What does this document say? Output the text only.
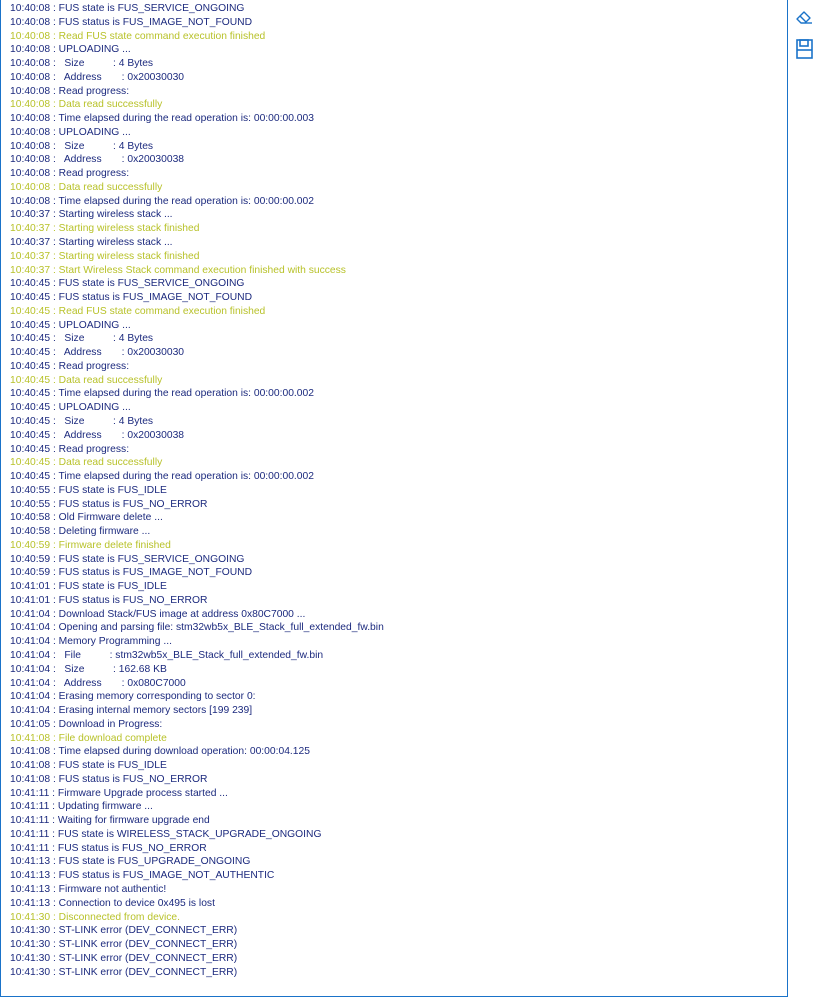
10:40:08 : FUS state is FUS_SERVICE_ONGOING
10:40:08 : FUS status is FUS_IMAGE_NOT_FOUND
10:40:08 : Read FUS state command execution finished
10:40:08 : UPLOADING ...
10:40:08 :   Size          : 4 Bytes
10:40:08 :   Address       : 0x20030030
10:40:08 : Read progress:
10:40:08 : Data read successfully
10:40:08 : Time elapsed during the read operation is: 00:00:00.003
10:40:08 : UPLOADING ...
10:40:08 :   Size          : 4 Bytes
10:40:08 :   Address       : 0x20030038
10:40:08 : Read progress:
10:40:08 : Data read successfully
10:40:08 : Time elapsed during the read operation is: 00:00:00.002
10:40:37 : Starting wireless stack ...
10:40:37 : Starting wireless stack finished
10:40:37 : Starting wireless stack ...
10:40:37 : Starting wireless stack finished
10:40:37 : Start Wireless Stack command execution finished with success
10:40:45 : FUS state is FUS_SERVICE_ONGOING
10:40:45 : FUS status is FUS_IMAGE_NOT_FOUND
10:40:45 : Read FUS state command execution finished
10:40:45 : UPLOADING ...
10:40:45 :   Size          : 4 Bytes
10:40:45 :   Address       : 0x20030030
10:40:45 : Read progress:
10:40:45 : Data read successfully
10:40:45 : Time elapsed during the read operation is: 00:00:00.002
10:40:45 : UPLOADING ...
10:40:45 :   Size          : 4 Bytes
10:40:45 :   Address       : 0x20030038
10:40:45 : Read progress:
10:40:45 : Data read successfully
10:40:45 : Time elapsed during the read operation is: 00:00:00.002
10:40:55 : FUS state is FUS_IDLE
10:40:55 : FUS status is FUS_NO_ERROR
10:40:58 : Old Firmware delete ...
10:40:58 : Deleting firmware ...
10:40:59 : Firmware delete finished
10:40:59 : FUS state is FUS_SERVICE_ONGOING
10:40:59 : FUS status is FUS_IMAGE_NOT_FOUND
10:41:01 : FUS state is FUS_IDLE
10:41:01 : FUS status is FUS_NO_ERROR
10:41:04 : Download Stack/FUS image at address 0x80C7000 ...
10:41:04 : Opening and parsing file: stm32wb5x_BLE_Stack_full_extended_fw.bin
10:41:04 : Memory Programming ...
10:41:04 :   File          : stm32wb5x_BLE_Stack_full_extended_fw.bin
10:41:04 :   Size          : 162.68 KB
10:41:04 :   Address       : 0x080C7000
10:41:04 : Erasing memory corresponding to sector 0:
10:41:04 : Erasing internal memory sectors [199 239]
10:41:05 : Download in Progress:
10:41:08 : File download complete
10:41:08 : Time elapsed during download operation: 00:00:04.125
10:41:08 : FUS state is FUS_IDLE
10:41:08 : FUS status is FUS_NO_ERROR
10:41:11 : Firmware Upgrade process started ...
10:41:11 : Updating firmware ...
10:41:11 : Waiting for firmware upgrade end
10:41:11 : FUS state is WIRELESS_STACK_UPGRADE_ONGOING
10:41:11 : FUS status is FUS_NO_ERROR
10:41:13 : FUS state is FUS_UPGRADE_ONGOING
10:41:13 : FUS status is FUS_IMAGE_NOT_AUTHENTIC
10:41:13 : Firmware not authentic!
10:41:13 : Connection to device 0x495 is lost
10:41:30 : Disconnected from device.
10:41:30 : ST-LINK error (DEV_CONNECT_ERR)
10:41:30 : ST-LINK error (DEV_CONNECT_ERR)
10:41:30 : ST-LINK error (DEV_CONNECT_ERR)
10:41:30 : ST-LINK error (DEV_CONNECT_ERR)
